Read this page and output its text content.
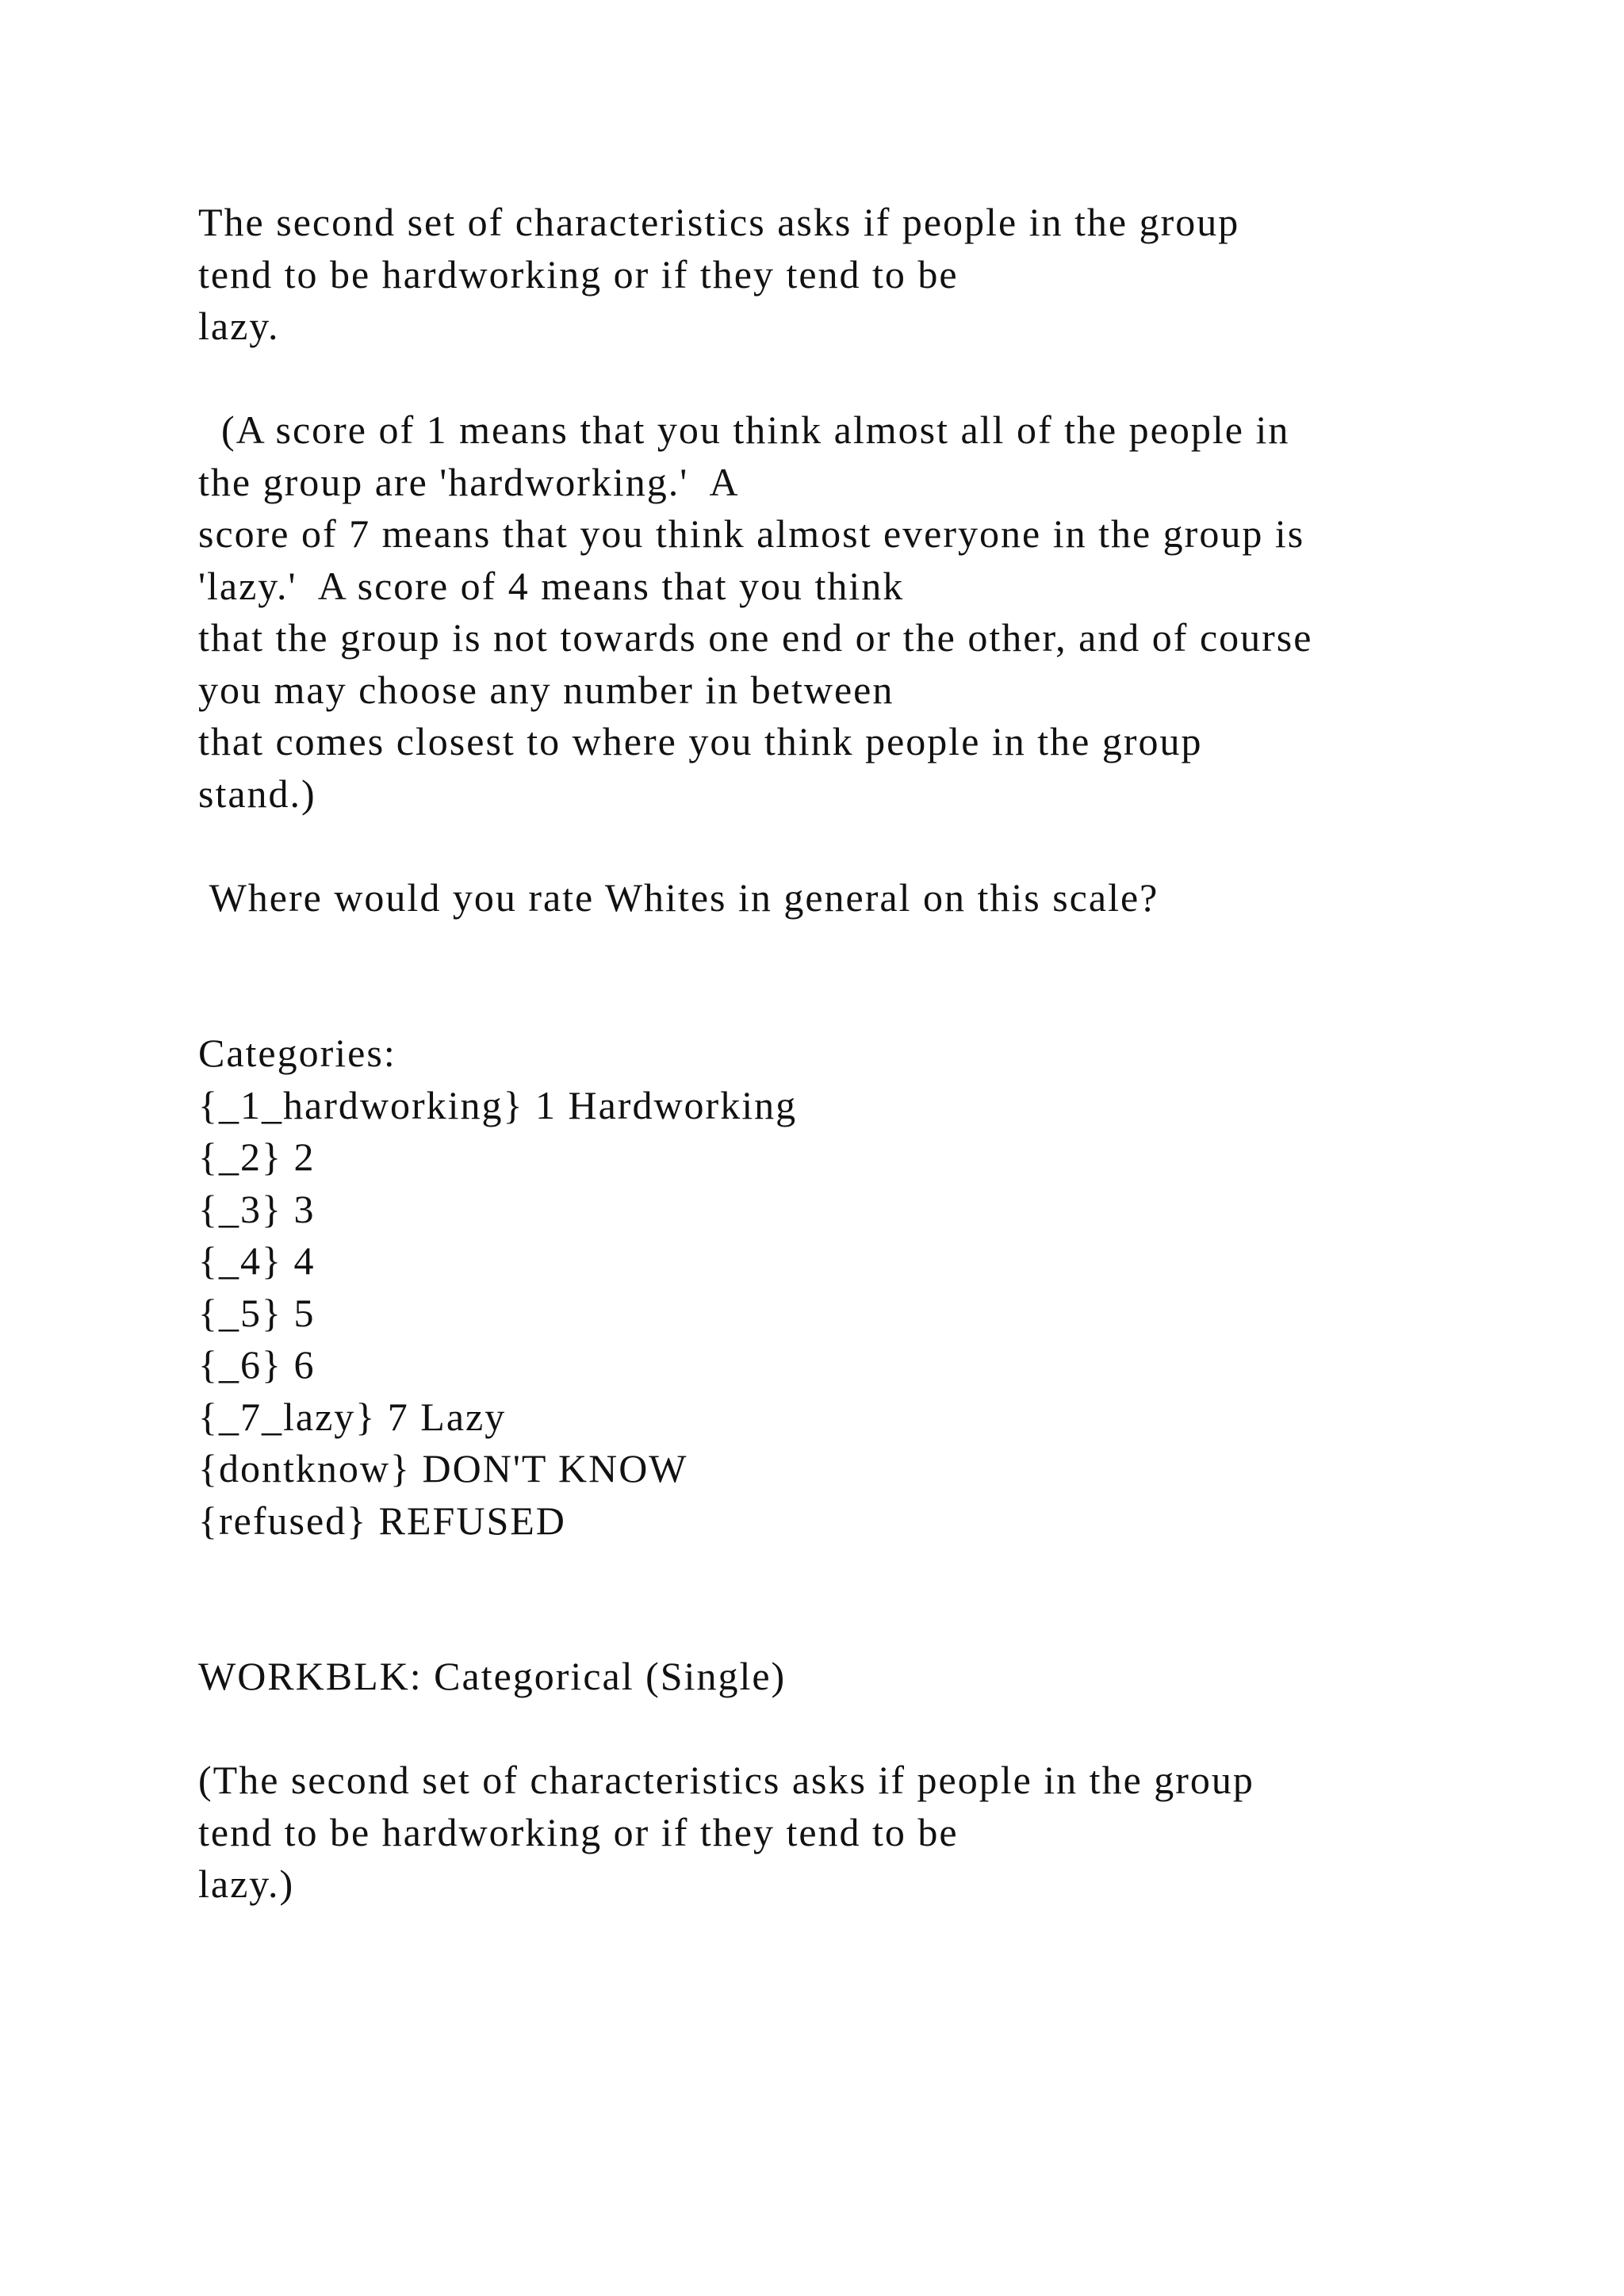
The second set of characteristics asks if people in the group
tend to be hardworking or if they tend to be
lazy.
(A score of 1 means that you think almost all of the people in
the group are 'hardworking.'  A
score of 7 means that you think almost everyone in the group is
'lazy.'  A score of 4 means that you think
that the group is not towards one end or the other, and of course
you may choose any number in between
that comes closest to where you think people in the group
stand.)
Where would you rate Whites in general on this scale?
Categories:
{_1_hardworking} 1 Hardworking
{_2} 2
{_3} 3
{_4} 4
{_5} 5
{_6} 6
{_7_lazy} 7 Lazy
{dontknow} DON'T KNOW
{refused} REFUSED
WORKBLK: Categorical (Single)
(The second set of characteristics asks if people in the group
tend to be hardworking or if they tend to be
lazy.)
